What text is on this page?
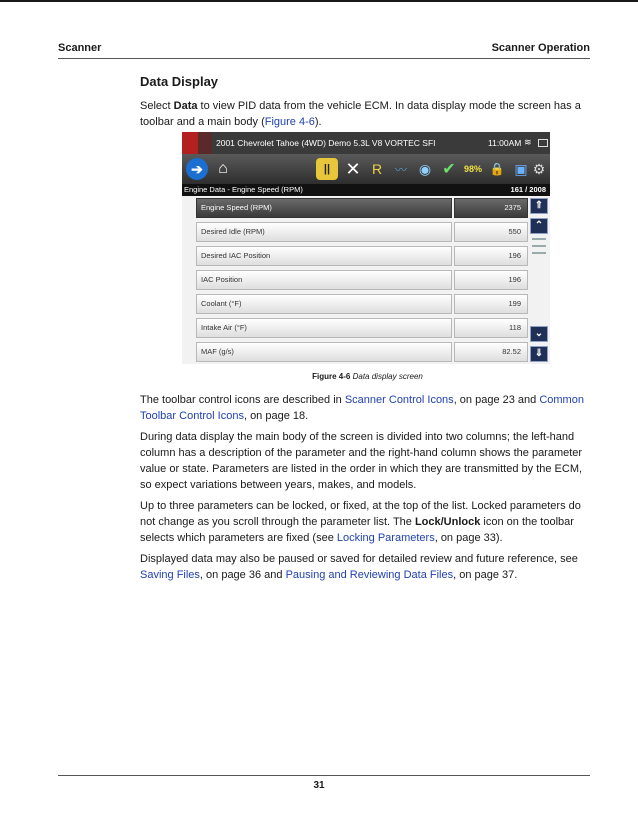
Scanner	Scanner Operation
Data Display

Select Data to view PID data from the vehicle ECM. In data display mode the screen has a toolbar and a main body (Figure 4-6).

2001 Chevrolet Tahoe (4WD) Demo 5.3L V8 VORTEC SFI	11:00AM ≋
➔ ⌂	|| ✕ R	〰 ◉ ✔ 98% 🔒 ▣ ⚙
Engine Data - Engine Speed (RPM)	161 / 2008
Engine Speed (RPM)	2375
Desired Idle (RPM)	550
Desired IAC Position	196
IAC Position	196
Coolant (°F)	199
Intake Air (°F)	118
MAF (g/s)	82.52
⇑
⌃
⌄
⇓
Figure 4-6 Data display screen

The toolbar control icons are described in Scanner Control Icons, on page 23 and Common Toolbar Control Icons, on page 18.

During data display the main body of the screen is divided into two columns; the left-hand column has a description of the parameter and the right-hand column shows the parameter value or state. Parameters are listed in the order in which they are transmitted by the ECM, so expect variations between years, makes, and models.

Up to three parameters can be locked, or fixed, at the top of the list. Locked parameters do not change as you scroll through the parameter list. The Lock/Unlock icon on the toolbar selects which parameters are fixed (see Locking Parameters, on page 33).

Displayed data may also be paused or saved for detailed review and future reference, see Saving Files, on page 36 and Pausing and Reviewing Data Files, on page 37.

31
